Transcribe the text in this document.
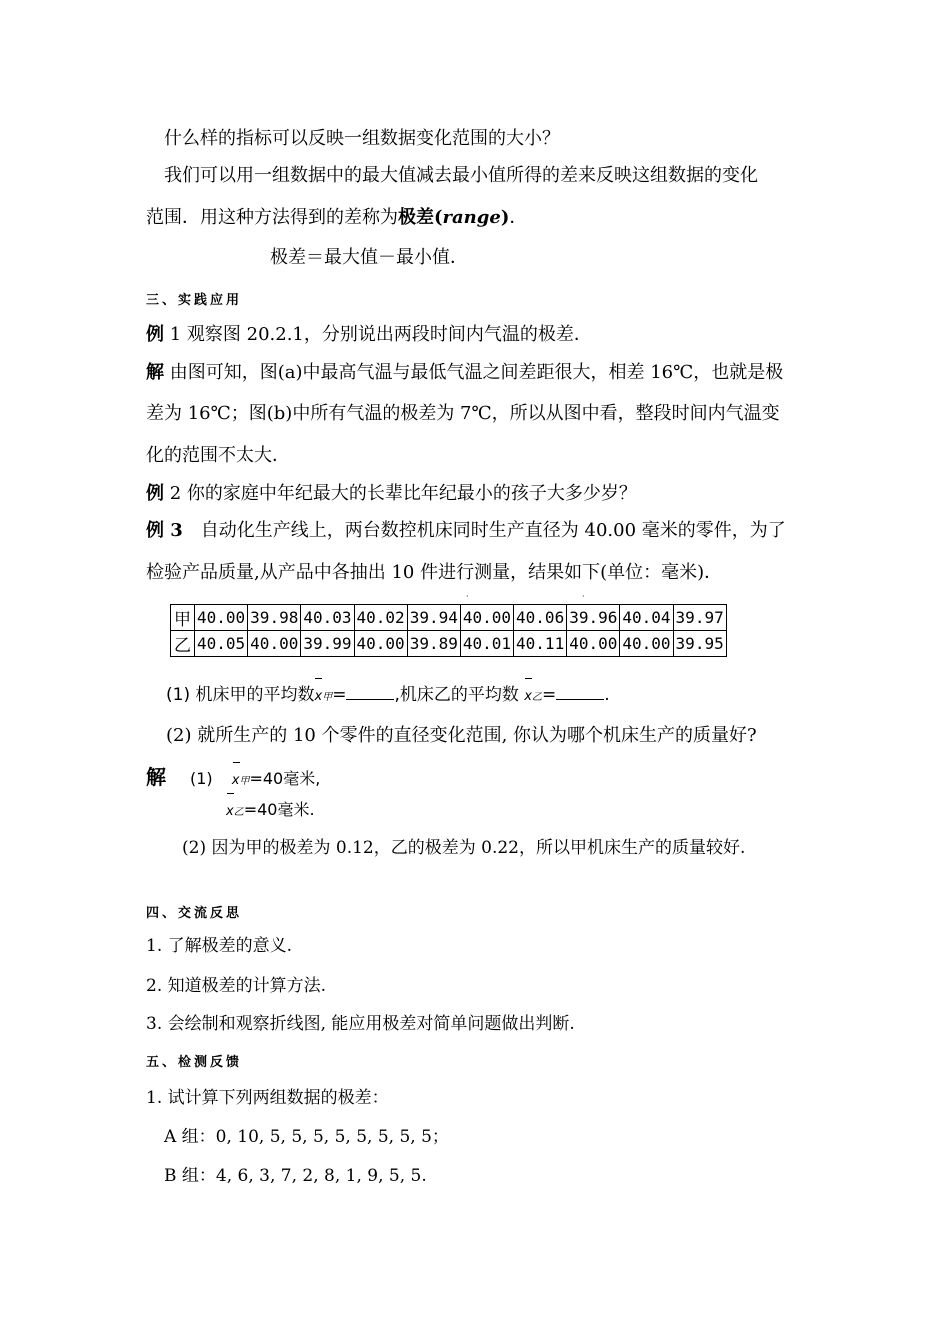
什么样的指标可以反映一组数据变化范围的大小？
我们可以用一组数据中的最大值减去最小值所得的差来反映这组数据的变化
范围．用这种方法得到的差称为极差(range)．
极差＝最大值－最小值．
三、实践应用
例 1 观察图 20.2.1，分别说出两段时间内气温的极差．
解 由图可知，图(a)中最高气温与最低气温之间差距很大，相差 16℃，也就是极
差为 16℃；图(b)中所有气温的极差为 7℃，所以从图中看，整段时间内气温变
化的范围不太大．
例 2 你的家庭中年纪最大的长辈比年纪最小的孩子大多少岁？
例 3　自动化生产线上，两台数控机床同时生产直径为 40.00 毫米的零件，为了
检验产品质量,从产品中各抽出 10 件进行测量，结果如下(单位：毫米)．
·	·
甲	40.00	39.98	40.03	40.02	39.94	40.00	40.06	39.96	40.04	39.97
乙	40.05	40.00	39.99	40.00	39.89	40.01	40.11	40.00	40.00	39.95
(1) 机床甲的平均数x甲=	,机床乙的平均数 x乙=	.
(2) 就所生产的 10 个零件的直径变化范围, 你认为哪个机床生产的质量好?
解 (1) x甲=40毫米,
x乙=40毫米.
(2) 因为甲的极差为 0.12，乙的极差为 0.22，所以甲机床生产的质量较好.
四、交流反思
1. 了解极差的意义.
2. 知道极差的计算方法.
3. 会绘制和观察折线图, 能应用极差对简单问题做出判断.
五、检测反馈
1. 试计算下列两组数据的极差：
A 组：0, 10, 5, 5, 5, 5, 5, 5, 5, 5；
B 组：4, 6, 3, 7, 2, 8, 1, 9, 5, 5.
